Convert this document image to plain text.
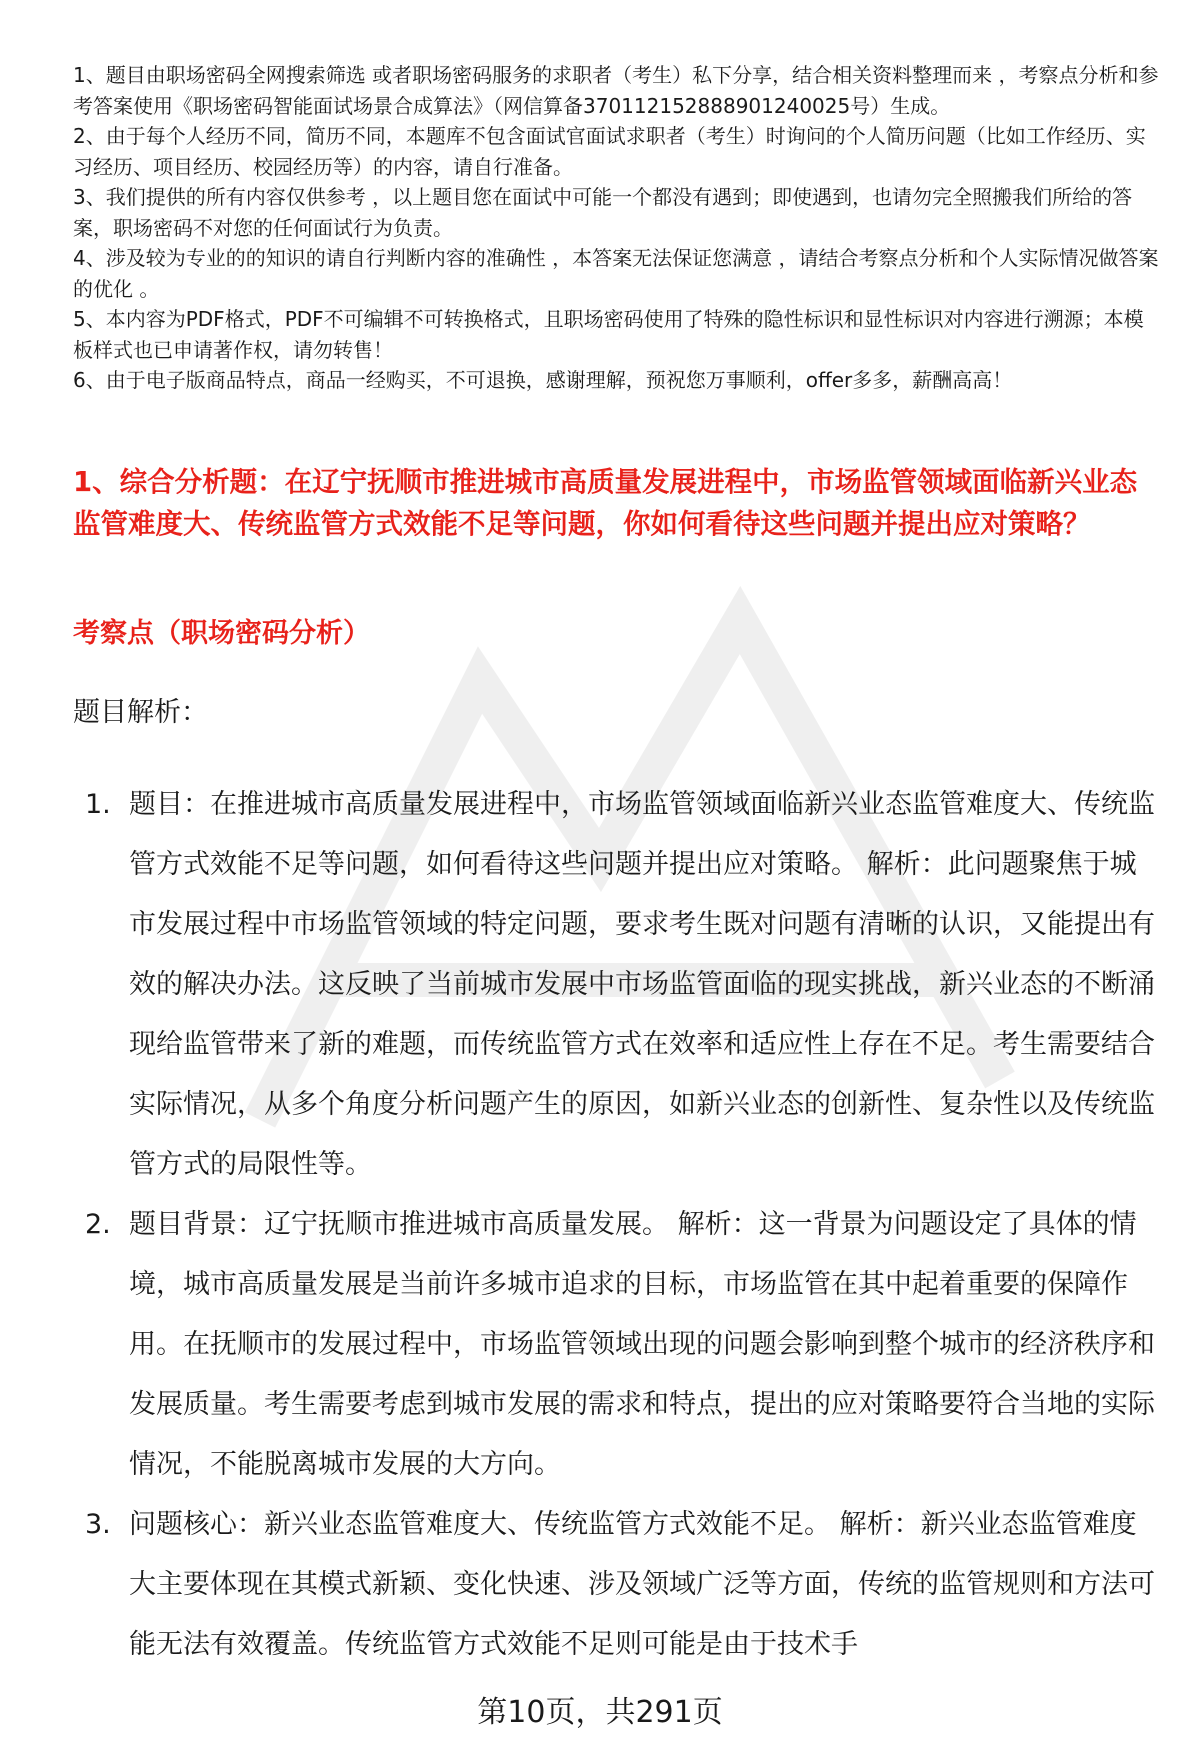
1、题目由职场密码全网搜索筛选 或者职场密码服务的求职者（考生）私下分享，结合相关资料整理而来 ，考察点分析和参考答案使用《职场密码智能面试场景合成算法》（网信算备370112152888901240025号）生成。

2、由于每个人经历不同，简历不同，本题库不包含面试官面试求职者（考生）时询问的个人简历问题（比如工作经历、实习经历、项目经历、校园经历等）的内容，请自行准备。

3、我们提供的所有内容仅供参考 ，以上题目您在面试中可能一个都没有遇到；即使遇到，也请勿完全照搬我们所给的答案，职场密码不对您的任何面试行为负责。

4、涉及较为专业的的知识的请自行判断内容的准确性 ，本答案无法保证您满意 ，请结合考察点分析和个人实际情况做答案的优化 。

5、本内容为PDF格式，PDF不可编辑不可转换格式，且职场密码使用了特殊的隐性标识和显性标识对内容进行溯源；本模板样式也已申请著作权，请勿转售！

6、由于电子版商品特点，商品一经购买，不可退换，感谢理解，预祝您万事顺利，offer多多，薪酬高高！

1、综合分析题：在辽宁抚顺市推进城市高质量发展进程中，市场监管领域面临新兴业态监管难度大、传统监管方式效能不足等问题，你如何看待这些问题并提出应对策略？
考察点（职场密码分析）

题目解析：

1. 题目：在推进城市高质量发展进程中，市场监管领域面临新兴业态监管难度大、传统监管方式效能不足等问题，如何看待这些问题并提出应对策略。 解析：此问题聚焦于城市发展过程中市场监管领域的特定问题，要求考生既对问题有清晰的认识，又能提出有效的解决办法。这反映了当前城市发展中市场监管面临的现实挑战，新兴业态的不断涌现给监管带来了新的难题，而传统监管方式在效率和适应性上存在不足。考生需要结合实际情况，从多个角度分析问题产生的原因，如新兴业态的创新性、复杂性以及传统监管方式的局限性等。
2. 题目背景：辽宁抚顺市推进城市高质量发展。 解析：这一背景为问题设定了具体的情境，城市高质量发展是当前许多城市追求的目标，市场监管在其中起着重要的保障作用。在抚顺市的发展过程中，市场监管领域出现的问题会影响到整个城市的经济秩序和发展质量。考生需要考虑到城市发展的需求和特点，提出的应对策略要符合当地的实际情况，不能脱离城市发展的大方向。
3. 问题核心：新兴业态监管难度大、传统监管方式效能不足。 解析：新兴业态监管难度大主要体现在其模式新颖、变化快速、涉及领域广泛等方面，传统的监管规则和方法可能无法有效覆盖。传统监管方式效能不足则可能是由于技术手

第10页，共291页
